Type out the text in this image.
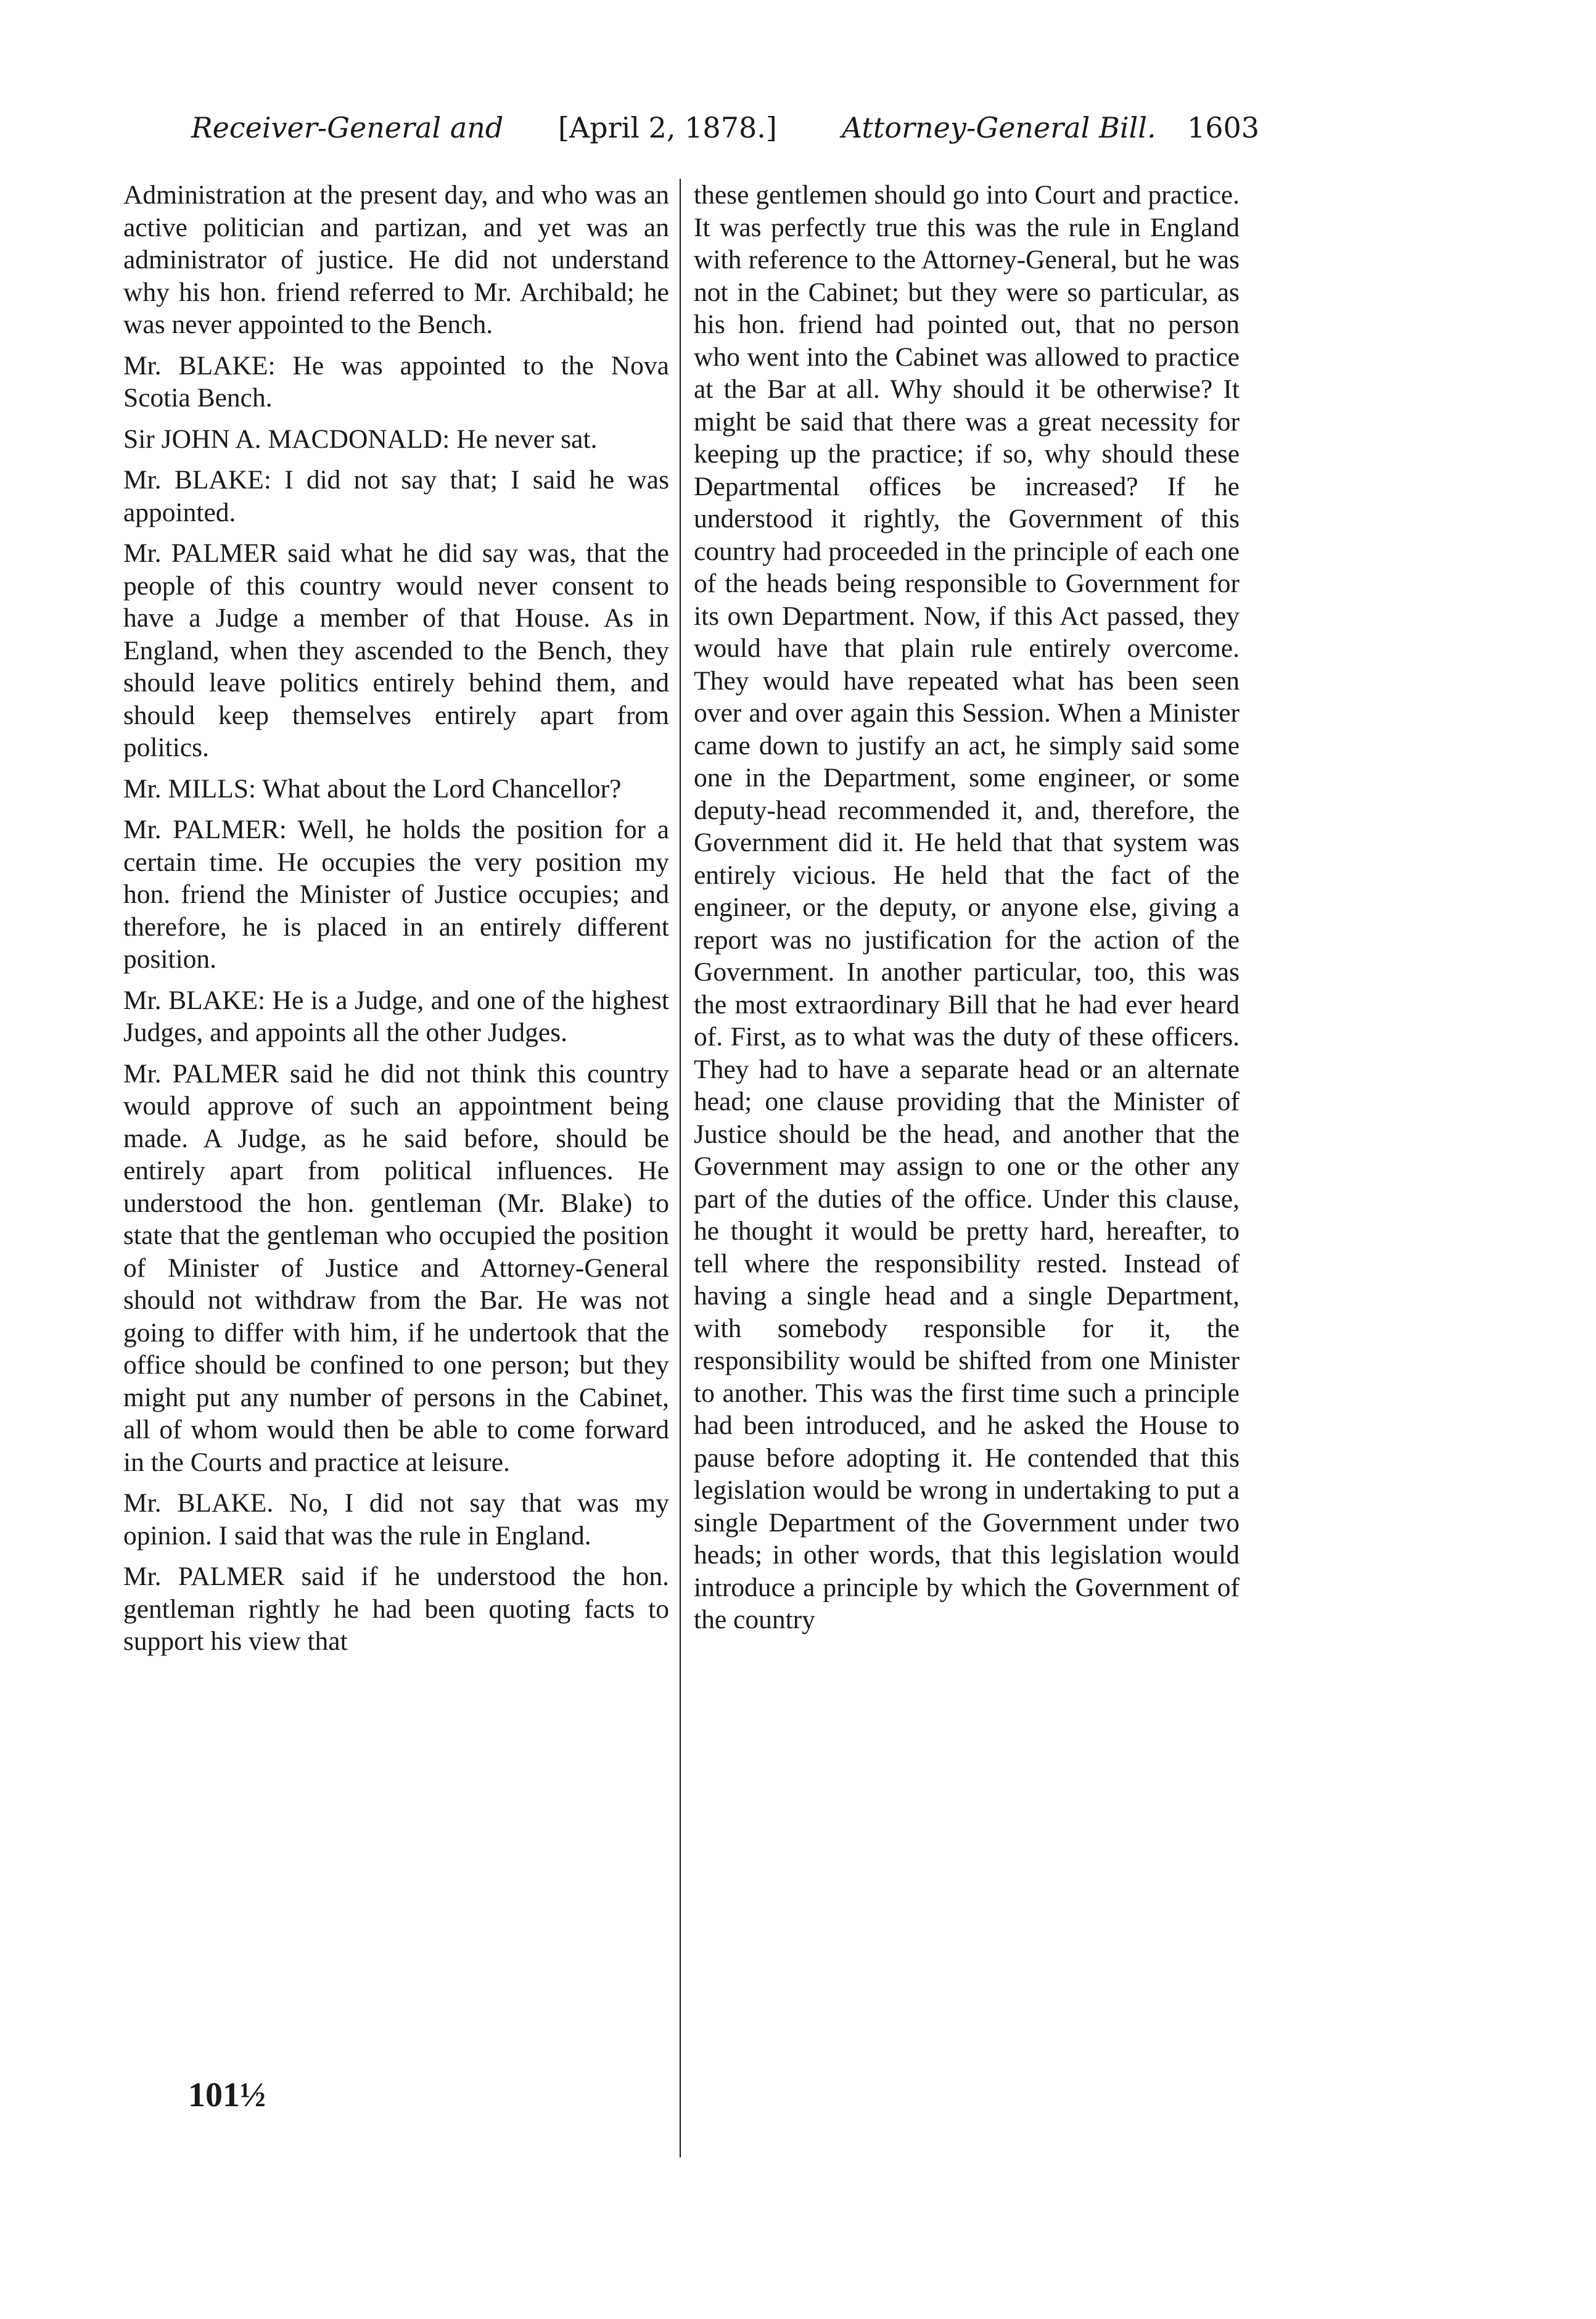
Receiver-General and [April 2, 1878.] Attorney-General Bill. 1603

Administration at the present day, and who was an active politician and partizan, and yet was an administrator of justice. He did not understand why his hon. friend referred to Mr. Archibald; he was never appointed to the Bench.

Mr. BLAKE: He was appointed to the Nova Scotia Bench.

Sir JOHN A. MACDONALD: He never sat.

Mr. BLAKE: I did not say that; I said he was appointed.

Mr. PALMER said what he did say was, that the people of this country would never consent to have a Judge a member of that House. As in England, when they ascended to the Bench, they should leave politics entirely behind them, and should keep themselves entirely apart from politics.

Mr. MILLS: What about the Lord Chancellor?

Mr. PALMER: Well, he holds the position for a certain time. He occupies the very position my hon. friend the Minister of Justice occupies; and therefore, he is placed in an entirely different position.

Mr. BLAKE: He is a Judge, and one of the highest Judges, and appoints all the other Judges.

Mr. PALMER said he did not think this country would approve of such an appointment being made. A Judge, as he said before, should be entirely apart from political influences. He understood the hon. gentleman (Mr. Blake) to state that the gentleman who occupied the position of Minister of Justice and Attorney-General should not withdraw from the Bar. He was not going to differ with him, if he undertook that the office should be confined to one person; but they might put any number of persons in the Cabinet, all of whom would then be able to come forward in the Courts and practice at leisure.

Mr. BLAKE. No, I did not say that was my opinion. I said that was the rule in England.

Mr. PALMER said if he understood the hon. gentleman rightly he had been quoting facts to support his view that

these gentlemen should go into Court and practice. It was perfectly true this was the rule in England with reference to the Attorney-General, but he was not in the Cabinet; but they were so particular, as his hon. friend had pointed out, that no person who went into the Cabinet was allowed to practice at the Bar at all. Why should it be otherwise? It might be said that there was a great necessity for keeping up the practice; if so, why should these Departmental offices be increased? If he understood it rightly, the Government of this country had proceeded in the principle of each one of the heads being responsible to Government for its own Department. Now, if this Act passed, they would have that plain rule entirely overcome. They would have repeated what has been seen over and over again this Session. When a Minister came down to justify an act, he simply said some one in the Department, some engineer, or some deputy-head recommended it, and, therefore, the Government did it. He held that that system was entirely vicious. He held that the fact of the engineer, or the deputy, or anyone else, giving a report was no justification for the action of the Government. In another particular, too, this was the most extraordinary Bill that he had ever heard of. First, as to what was the duty of these officers. They had to have a separate head or an alternate head; one clause providing that the Minister of Justice should be the head, and another that the Government may assign to one or the other any part of the duties of the office. Under this clause, he thought it would be pretty hard, hereafter, to tell where the responsibility rested. Instead of having a single head and a single Department, with somebody responsible for it, the responsibility would be shifted from one Minister to another. This was the first time such a principle had been introduced, and he asked the House to pause before adopting it. He contended that this legislation would be wrong in undertaking to put a single Department of the Government under two heads; in other words, that this legislation would introduce a principle by which the Government of the country

101½
